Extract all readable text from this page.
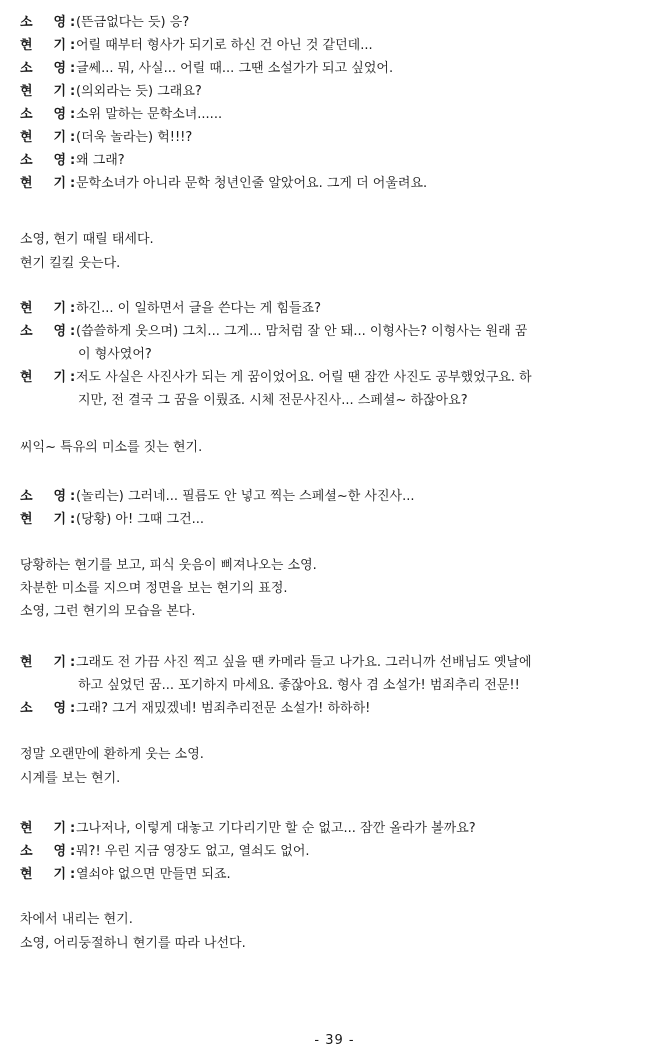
소 영 : (뜬금없다는 듯) 응?
현 기 : 어릴 때부터 형사가 되기로 하신 건 아닌 것 같던데...
소 영 : 글쎄... 뭐, 사실... 어릴 때... 그땐 소설가가 되고 싶었어.
현 기 : (의외라는 듯) 그래요?
소 영 : 소위 말하는 문학소녀......
현 기 : (더욱 놀라는) 헉!!!?
소 영 : 왜 그래?
현 기 : 문학소녀가 아니라 문학 청년인줄 알았어요. 그게 더 어울려요.
소영, 현기 때릴 태세다.
현기 킬킬 웃는다.
현 기 : 하긴... 이 일하면서 글을 쓴다는 게 힘들죠?
소 영 : (씁쓸하게 웃으며) 그치... 그게... 맘처럼 잘 안 돼... 이형사는? 이형사는 원래 꿈
이 형사였어?
현 기 : 저도 사실은 사진사가 되는 게 꿈이었어요. 어릴 땐 잠깐 사진도 공부했었구요. 하
지만, 전 결국 그 꿈을 이뤘죠. 시체 전문사진사... 스페셜~ 하잖아요?
씨익~ 특유의 미소를 짓는 현기.
소 영 : (놀리는) 그러네... 필름도 안 넣고 찍는 스페셜~한 사진사...
현 기 : (당황) 아! 그때 그건...
당황하는 현기를 보고, 피식 웃음이 삐져나오는 소영.
차분한 미소를 지으며 정면을 보는 현기의 표정.
소영, 그런 현기의 모습을 본다.
현 기 : 그래도 전 가끔 사진 찍고 싶을 땐 카메라 들고 나가요. 그러니까 선배님도 옛날에
하고 싶었던 꿈... 포기하지 마세요. 좋잖아요. 형사 겸 소설가! 범죄추리 전문!!
소 영 : 그래? 그거 재밌겠네! 범죄추리전문 소설가! 하하하!
정말 오랜만에 환하게 웃는 소영.
시계를 보는 현기.
현 기 : 그나저나, 이렇게 대놓고 기다리기만 할 순 없고... 잠깐 올라가 볼까요?
소 영 : 뭐?! 우린 지금 영장도 없고, 열쇠도 없어.
현 기 : 열쇠야 없으면 만들면 되죠.
차에서 내리는 현기.
소영, 어리둥절하니 현기를 따라 나선다.
- 39 -
